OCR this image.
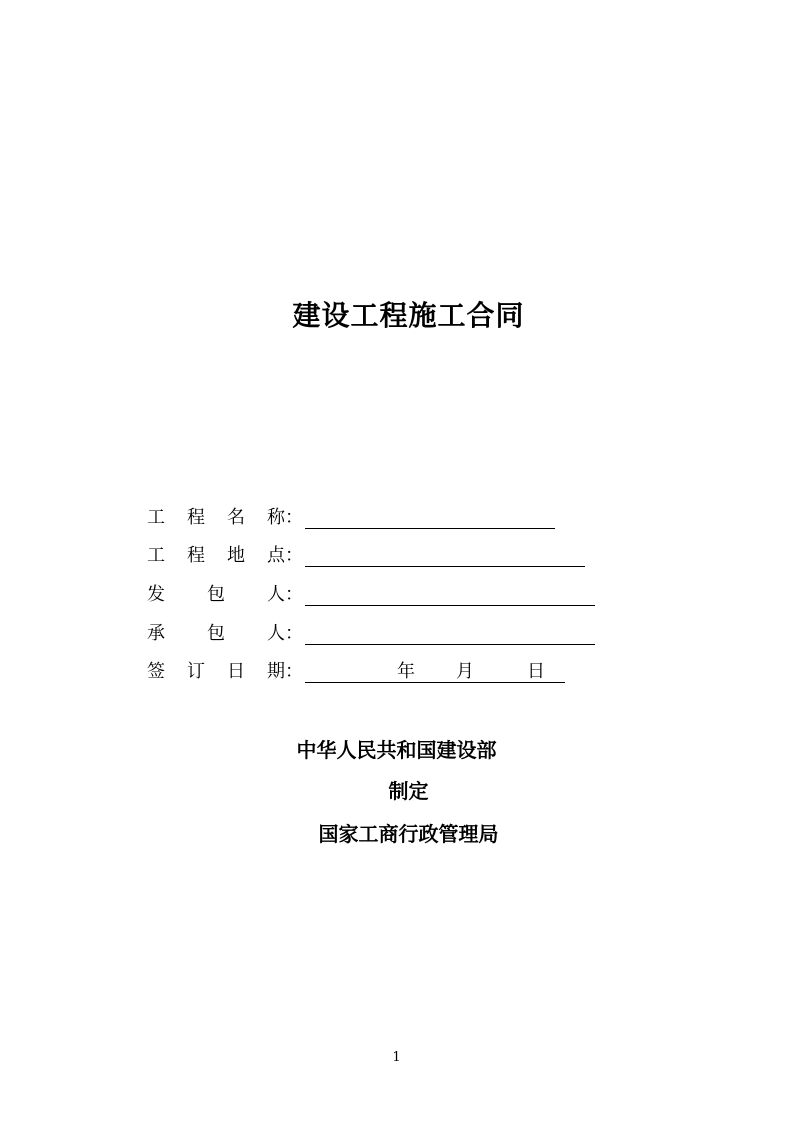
建设工程施工合同
工 程 名 称 ：
工 程 地 点 ：
发 包 人 ：
承 包 人 ：
签 订 日 期 ：	年 月	日
中华人民共和国建设部
制定
国家工商行政管理局
1
